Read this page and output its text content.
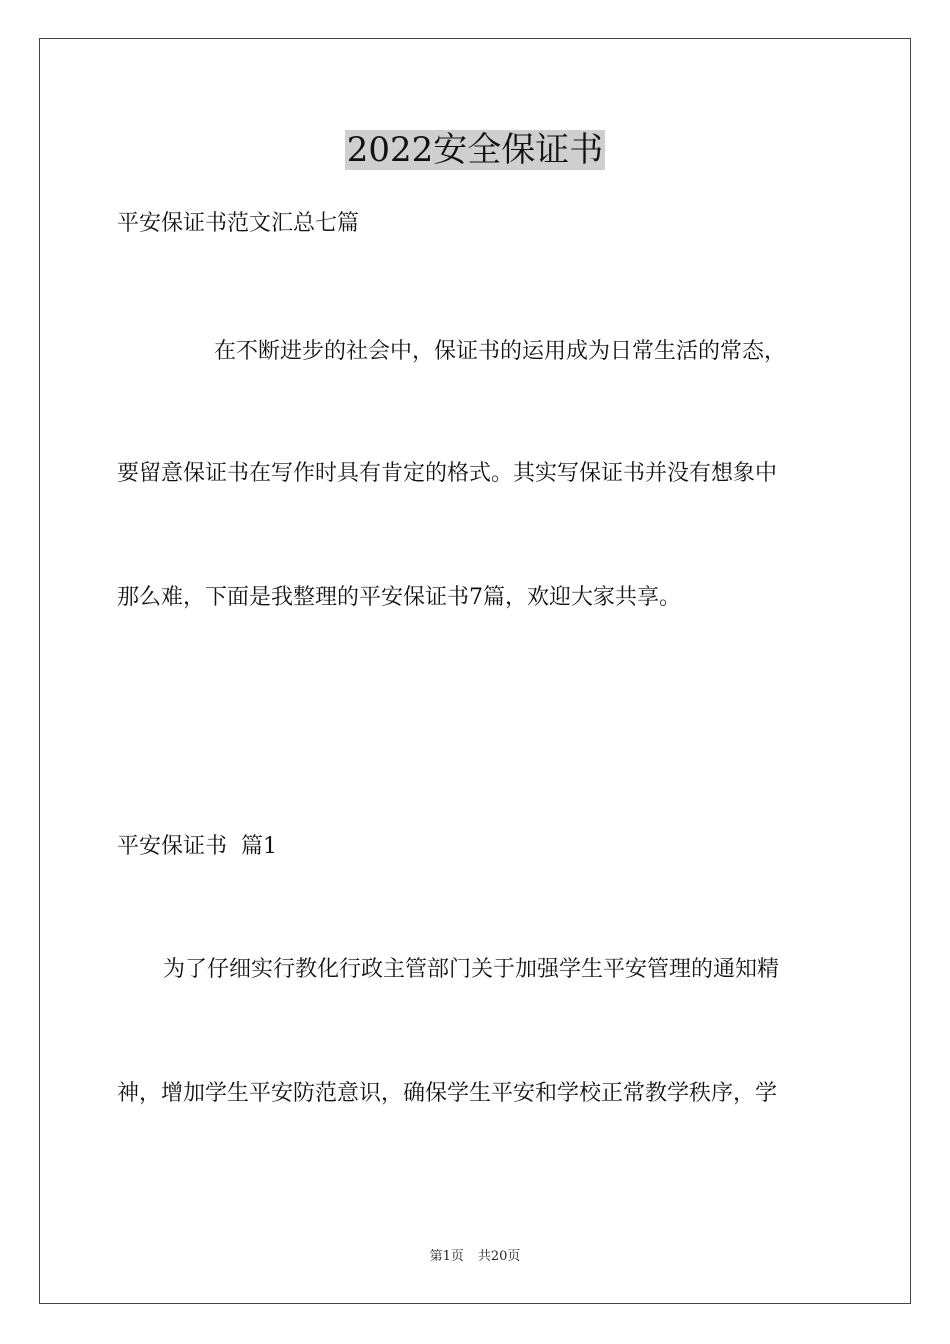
2022安全保证书

平安保证书范文汇总七篇

在不断进步的社会中，保证书的运用成为日常生活的常态，

要留意保证书在写作时具有肯定的格式。其实写保证书并没有想象中

那么难，下面是我整理的平安保证书7篇，欢迎大家共享。

平安保证书  篇1

为了仔细实行教化行政主管部门关于加强学生平安管理的通知精

神，增加学生平安防范意识，确保学生平安和学校正常教学秩序，学

第1页 共20页
